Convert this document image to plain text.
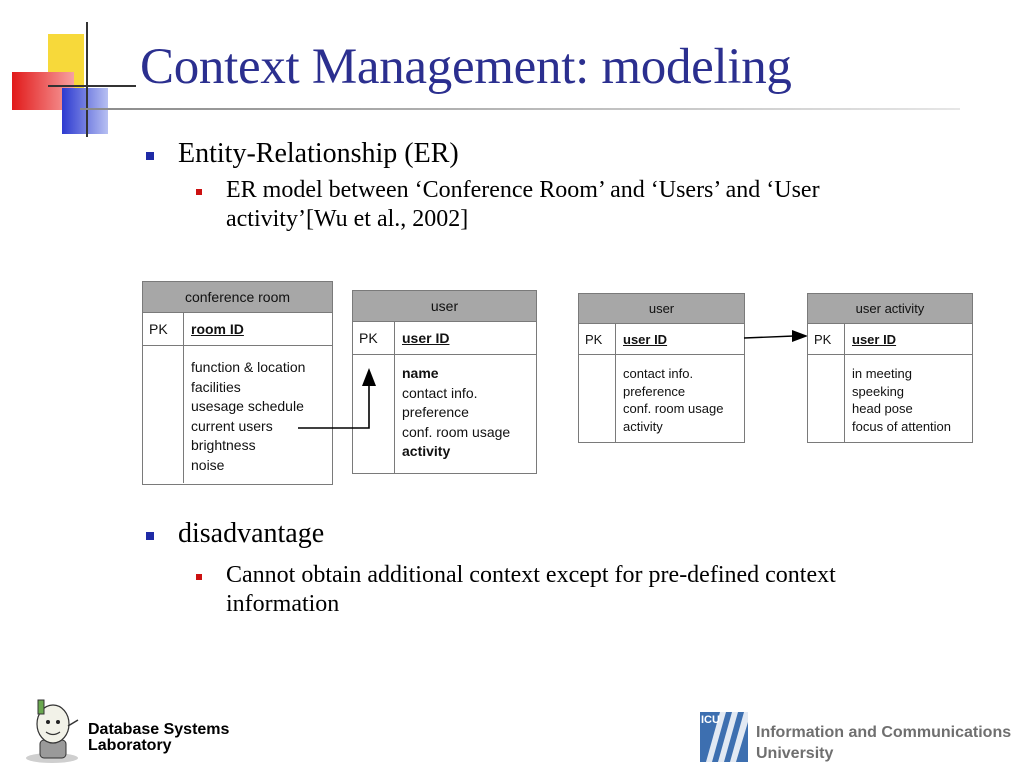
Context Management: modeling
Entity-Relationship (ER)
ER model between ‘Conference Room’ and ‘Users’ and ‘User activity’[Wu et al., 2002]
conference room
PK	room ID
function & location
facilities
usesage schedule
current users
brightness
noise
user
PK	user ID
name
contact info.
preference
conf. room usage
activity
user
PK	user ID
contact info.
preference
conf. room usage
activity
user activity
PK	user ID
in meeting
speeking
head pose
focus of attention
disadvantage
Cannot obtain additional context except for pre-defined context information
Database Systems
Laboratory
ICU
Information and Communications
University
